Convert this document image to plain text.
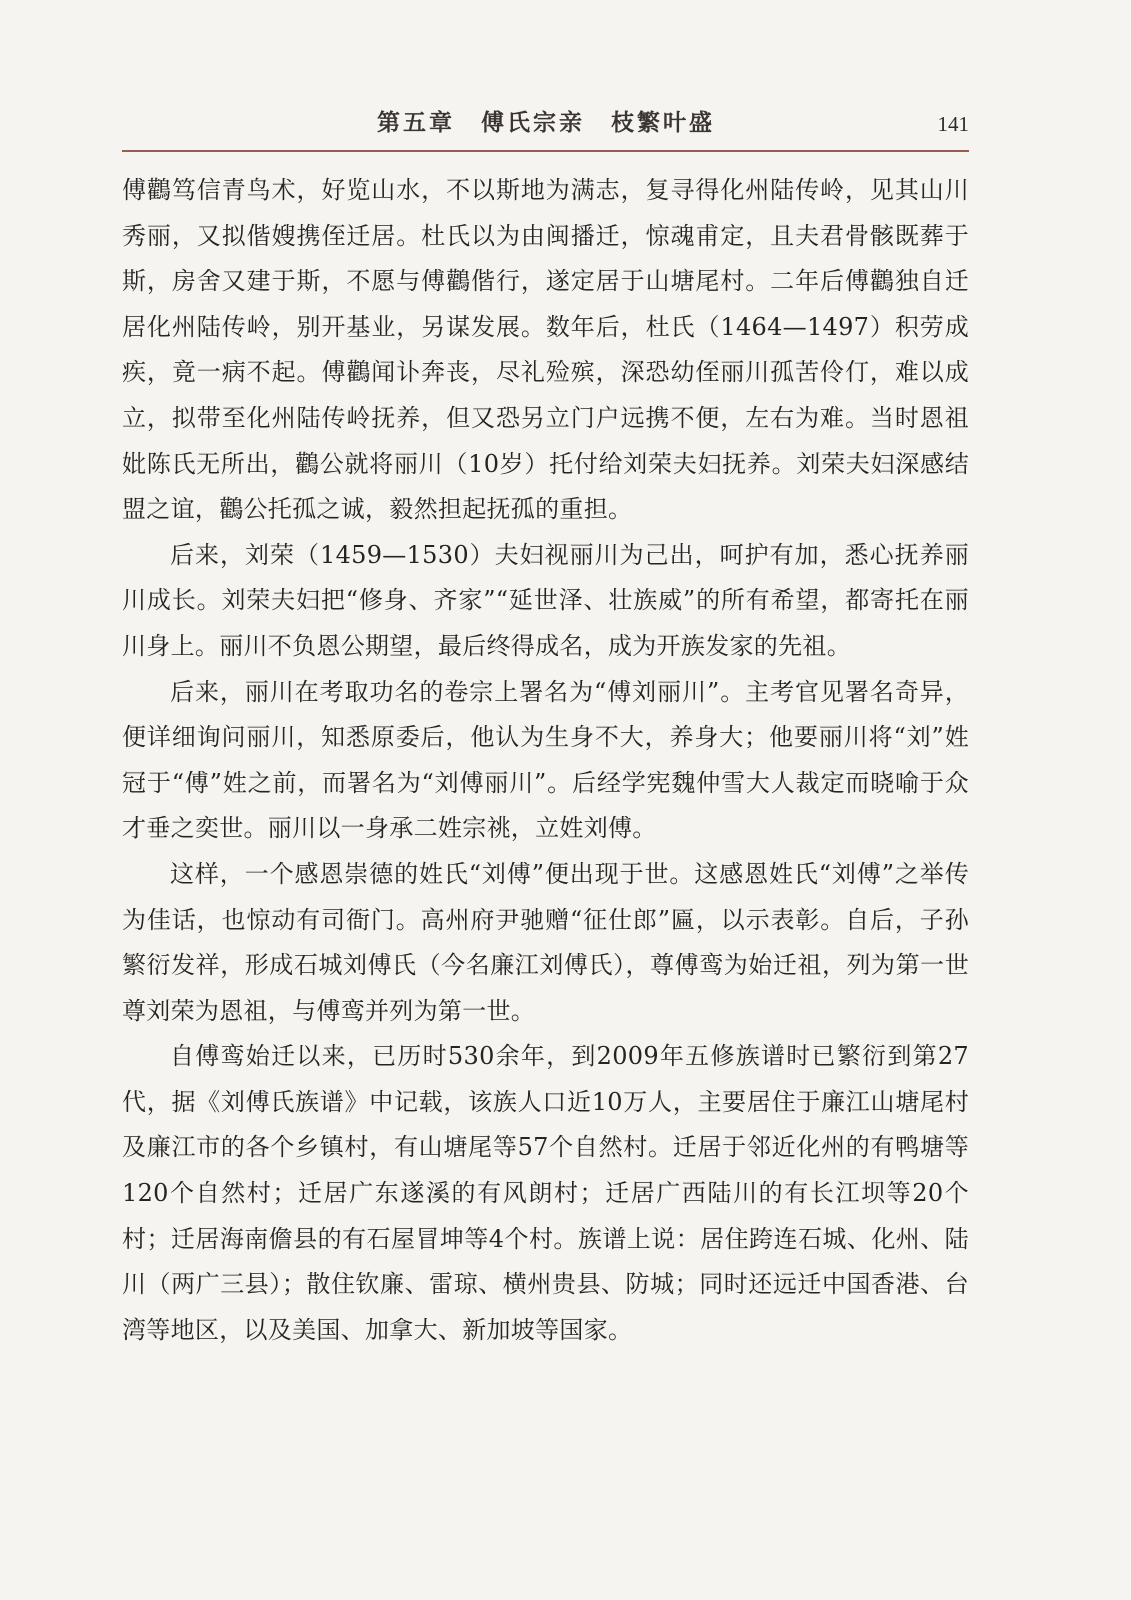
第五章　傅氏宗亲　枝繁叶盛	141

傅鸛笃信青鸟术，好览山水，不以斯地为满志，复寻得化州陆传岭，见其山川秀丽，又拟偕嫂携侄迁居。杜氏以为由闽播迁，惊魂甫定，且夫君骨骸既葬于斯，房舍又建于斯，不愿与傅鸛偕行，遂定居于山塘尾村。二年后傅鸛独自迁居化州陆传岭，别开基业，另谋发展。数年后，杜氏（1464—1497）积劳成疾，竟一病不起。傅鸛闻讣奔丧，尽礼殓殡，深恐幼侄丽川孤苦伶仃，难以成立，拟带至化州陆传岭抚养，但又恐另立门户远携不便，左右为难。当时恩祖妣陈氏无所出，鸛公就将丽川（10岁）托付给刘荣夫妇抚养。刘荣夫妇深感结盟之谊，鸛公托孤之诚，毅然担起抚孤的重担。

后来，刘荣（1459—1530）夫妇视丽川为己出，呵护有加，悉心抚养丽川成长。刘荣夫妇把“修身、齐家”“延世泽、壮族威”的所有希望，都寄托在丽川身上。丽川不负恩公期望，最后终得成名，成为开族发家的先祖。

后来，丽川在考取功名的卷宗上署名为“傅刘丽川”。主考官见署名奇异，便详细询问丽川，知悉原委后，他认为生身不大，养身大；他要丽川将“刘”姓冠于“傅”姓之前，而署名为“刘傅丽川”。后经学宪魏仲雪大人裁定而晓喻于众才垂之奕世。丽川以一身承二姓宗祧，立姓刘傅。

这样，一个感恩崇德的姓氏“刘傅”便出现于世。这感恩姓氏“刘傅”之举传为佳话，也惊动有司衙门。高州府尹驰赠“征仕郎”匾，以示表彰。自后，子孙繁衍发祥，形成石城刘傅氏（今名廉江刘傅氏），尊傅鸾为始迁祖，列为第一世尊刘荣为恩祖，与傅鸾并列为第一世。

自傅鸾始迁以来，已历时530余年，到2009年五修族谱时已繁衍到第27代，据《刘傅氏族谱》中记载，该族人口近10万人，主要居住于廉江山塘尾村及廉江市的各个乡镇村，有山塘尾等57个自然村。迁居于邻近化州的有鸭塘等120个自然村；迁居广东遂溪的有风朗村；迁居广西陆川的有长江坝等20个村；迁居海南儋县的有石屋冒坤等4个村。族谱上说：居住跨连石城、化州、陆川（两广三县）；散住钦廉、雷琼、横州贵县、防城；同时还远迁中国香港、台湾等地区，以及美国、加拿大、新加坡等国家。
